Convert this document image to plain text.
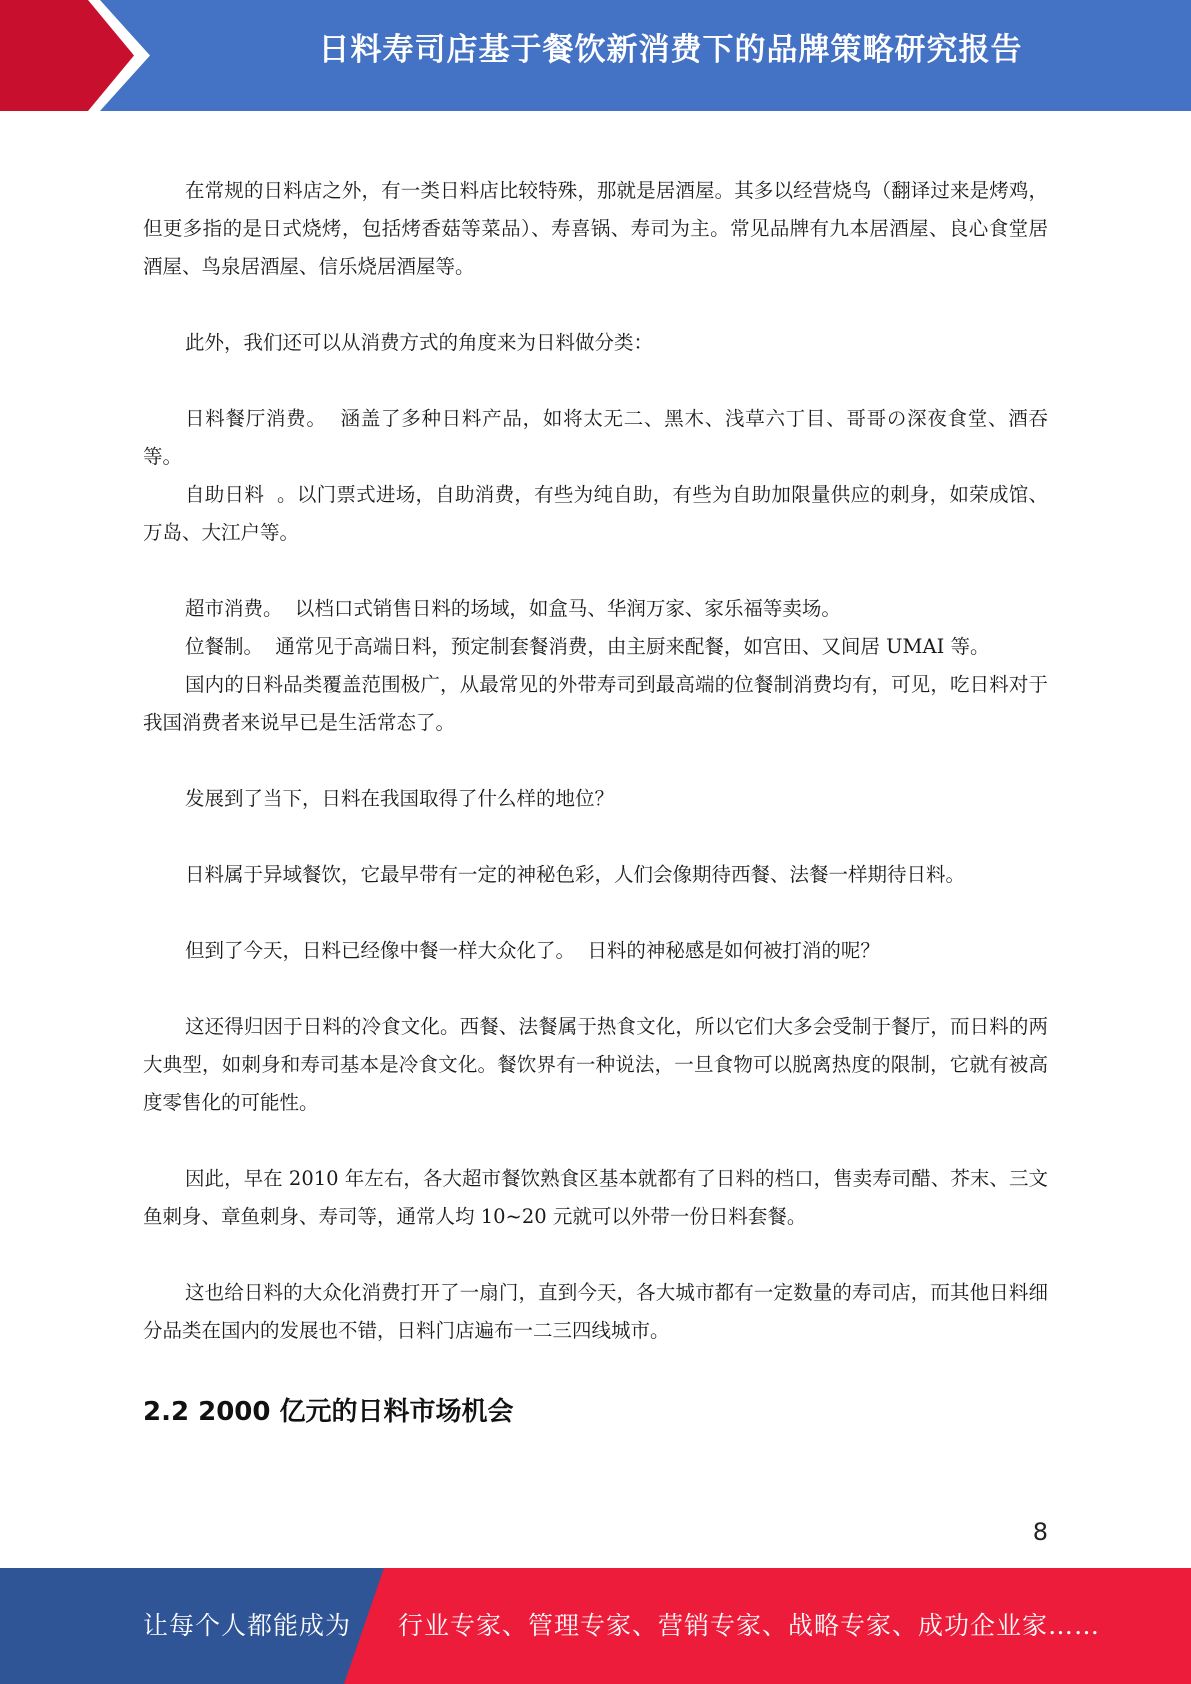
日料寿司店基于餐饮新消费下的品牌策略研究报告

在常规的日料店之外，有一类日料店比较特殊，那就是居酒屋。其多以经营烧鸟（翻译过来是烤鸡，但更多指的是日式烧烤，包括烤香菇等菜品）、寿喜锅、寿司为主。常见品牌有九本居酒屋、良心食堂居酒屋、鸟泉居酒屋、信乐烧居酒屋等。

此外，我们还可以从消费方式的角度来为日料做分类：

日料餐厅消费。  涵盖了多种日料产品，如将太无二、黑木、浅草六丁目、哥哥の深夜食堂、酒吞等。

自助日料  。以门票式进场，自助消费，有些为纯自助，有些为自助加限量供应的刺身，如荣成馆、万岛、大江户等。

超市消费。  以档口式销售日料的场域，如盒马、华润万家、家乐福等卖场。

位餐制。  通常见于高端日料，预定制套餐消费，由主厨来配餐，如宫田、又间居 UMAI 等。

国内的日料品类覆盖范围极广，从最常见的外带寿司到最高端的位餐制消费均有，可见，吃日料对于我国消费者来说早已是生活常态了。

发展到了当下，日料在我国取得了什么样的地位？

日料属于异域餐饮，它最早带有一定的神秘色彩，人们会像期待西餐、法餐一样期待日料。

但到了今天，日料已经像中餐一样大众化了。  日料的神秘感是如何被打消的呢？

这还得归因于日料的冷食文化。西餐、法餐属于热食文化，所以它们大多会受制于餐厅，而日料的两大典型，如刺身和寿司基本是冷食文化。餐饮界有一种说法，一旦食物可以脱离热度的限制，它就有被高度零售化的可能性。

因此，早在 2010 年左右，各大超市餐饮熟食区基本就都有了日料的档口，售卖寿司醋、芥末、三文鱼刺身、章鱼刺身、寿司等，通常人均 10~20 元就可以外带一份日料套餐。

这也给日料的大众化消费打开了一扇门，直到今天，各大城市都有一定数量的寿司店，而其他日料细分品类在国内的发展也不错，日料门店遍布一二三四线城市。

2.2 2000 亿元的日料市场机会
8
让每个人都能成为 行业专家、管理专家、营销专家、战略专家、成功企业家……
